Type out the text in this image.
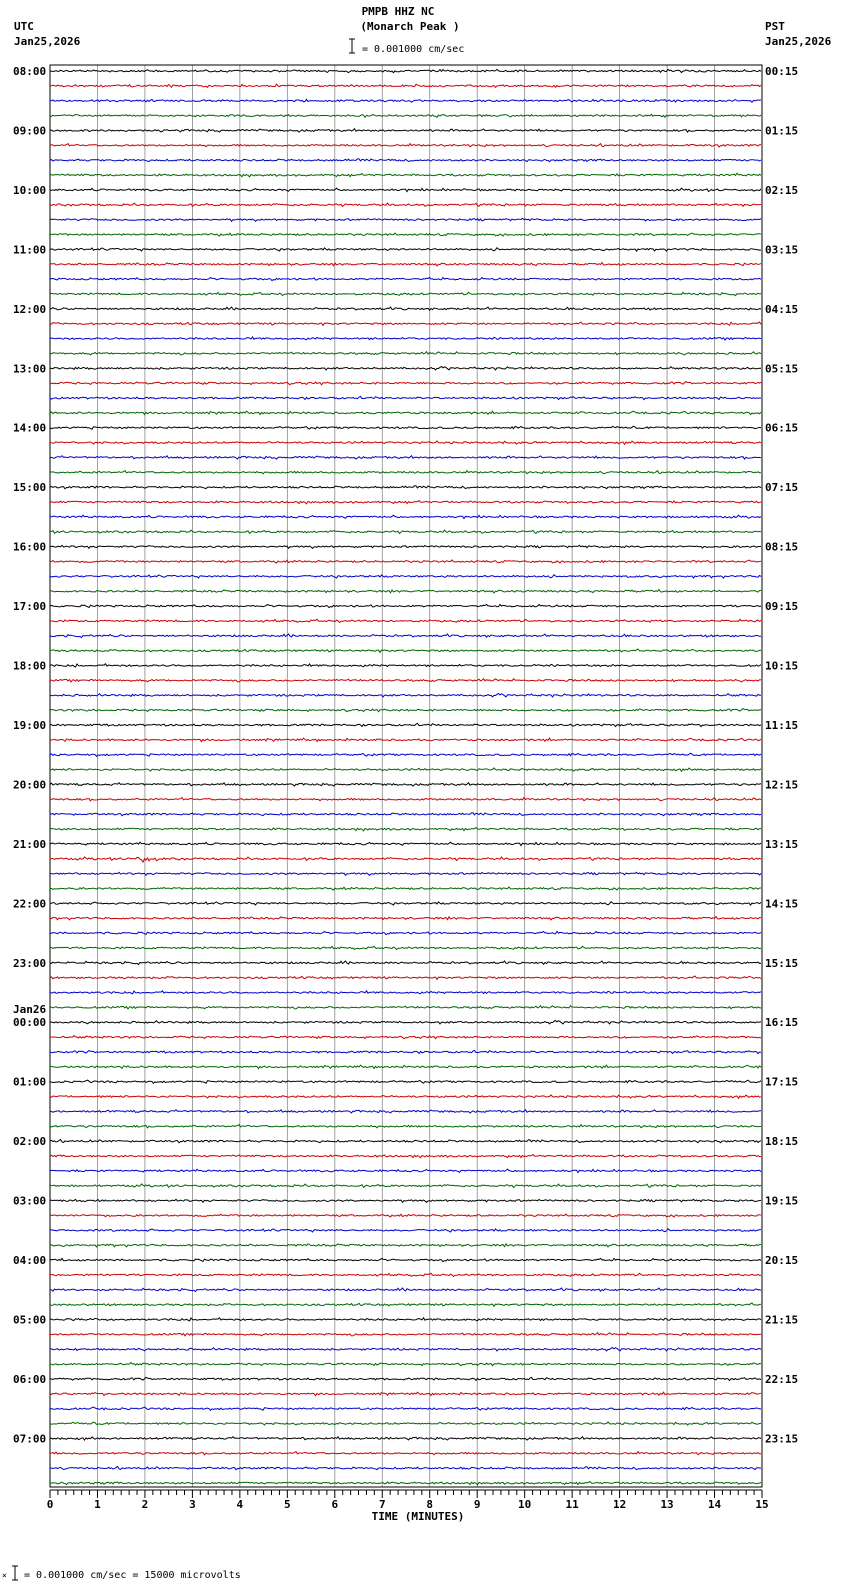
PMPB HHZ NC
(Monarch Peak )
UTC
Jan25,2026
PST
Jan25,2026
= 0.001000 cm/sec
08:00
09:00
10:00
11:00
12:00
13:00
14:00
15:00
16:00
17:00
18:00
19:00
20:00
21:00
22:00
23:00
00:00
Jan26
01:00
02:00
03:00
04:00
05:00
06:00
07:00
00:15
01:15
02:15
03:15
04:15
05:15
06:15
07:15
08:15
09:15
10:15
11:15
12:15
13:15
14:15
15:15
16:15
17:15
18:15
19:15
20:15
21:15
22:15
23:15
0	1	2	3	4	5	6	7	8	9	10	11	12	13	14	15
TIME (MINUTES)
× = 0.001000 cm/sec = 15000 microvolts
